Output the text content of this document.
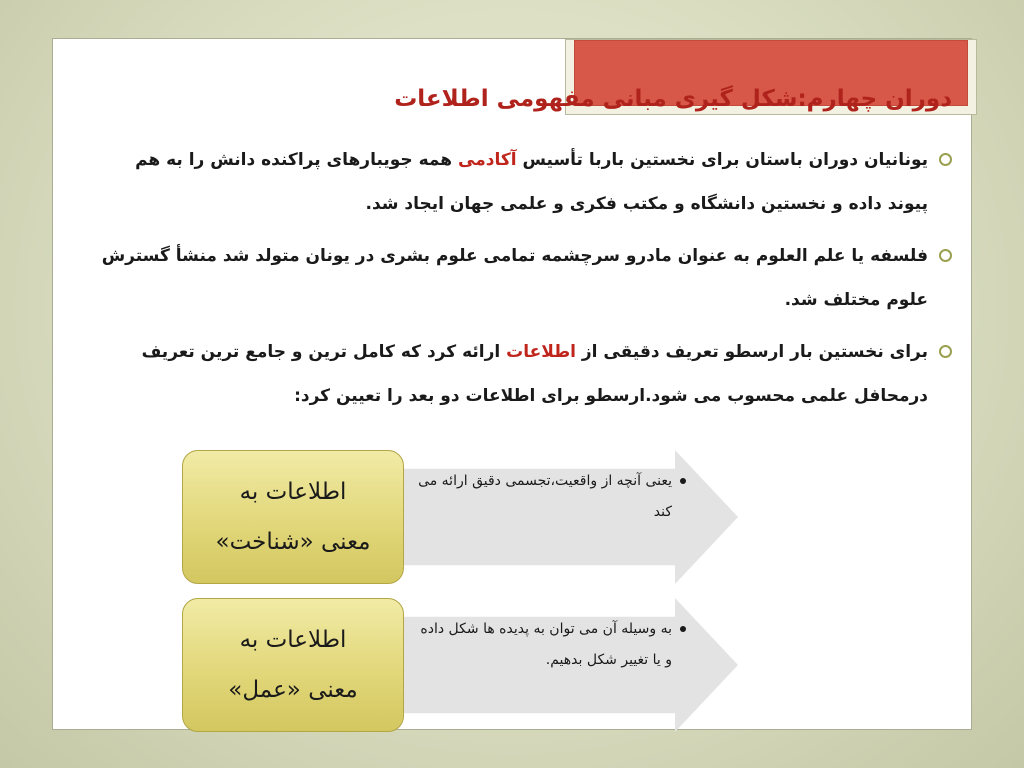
دوران چهارم:شکل گیری مبانی مفهومی اطلاعات
یونانیان دوران باستان برای نخستین باربا تأسیس آکادمی همه جویبارهای پراکنده دانش را به هم پیوند داده و نخستین دانشگاه و مکتب فکری و علمی جهان ایجاد شد.
فلسفه یا علم العلوم به عنوان مادرو سرچشمه تمامی علوم بشری در یونان متولد شد منشأ گسترش علوم مختلف شد.
برای نخستین بار ارسطو تعریف دقیقی از اطلاعات ارائه کرد که کامل ترین و جامع ترین تعریف درمحافل علمی محسوب می شود.ارسطو برای اطلاعات دو بعد را تعیین کرد:
یعنی آنچه از واقعیت،تجسمی دقیق ارائه می کند
اطلاعات به
معنی «شناخت»
به وسیله آن می توان به پدیده ها شکل داده و یا تغییر شکل بدهیم.
اطلاعات به
معنی «عمل»
